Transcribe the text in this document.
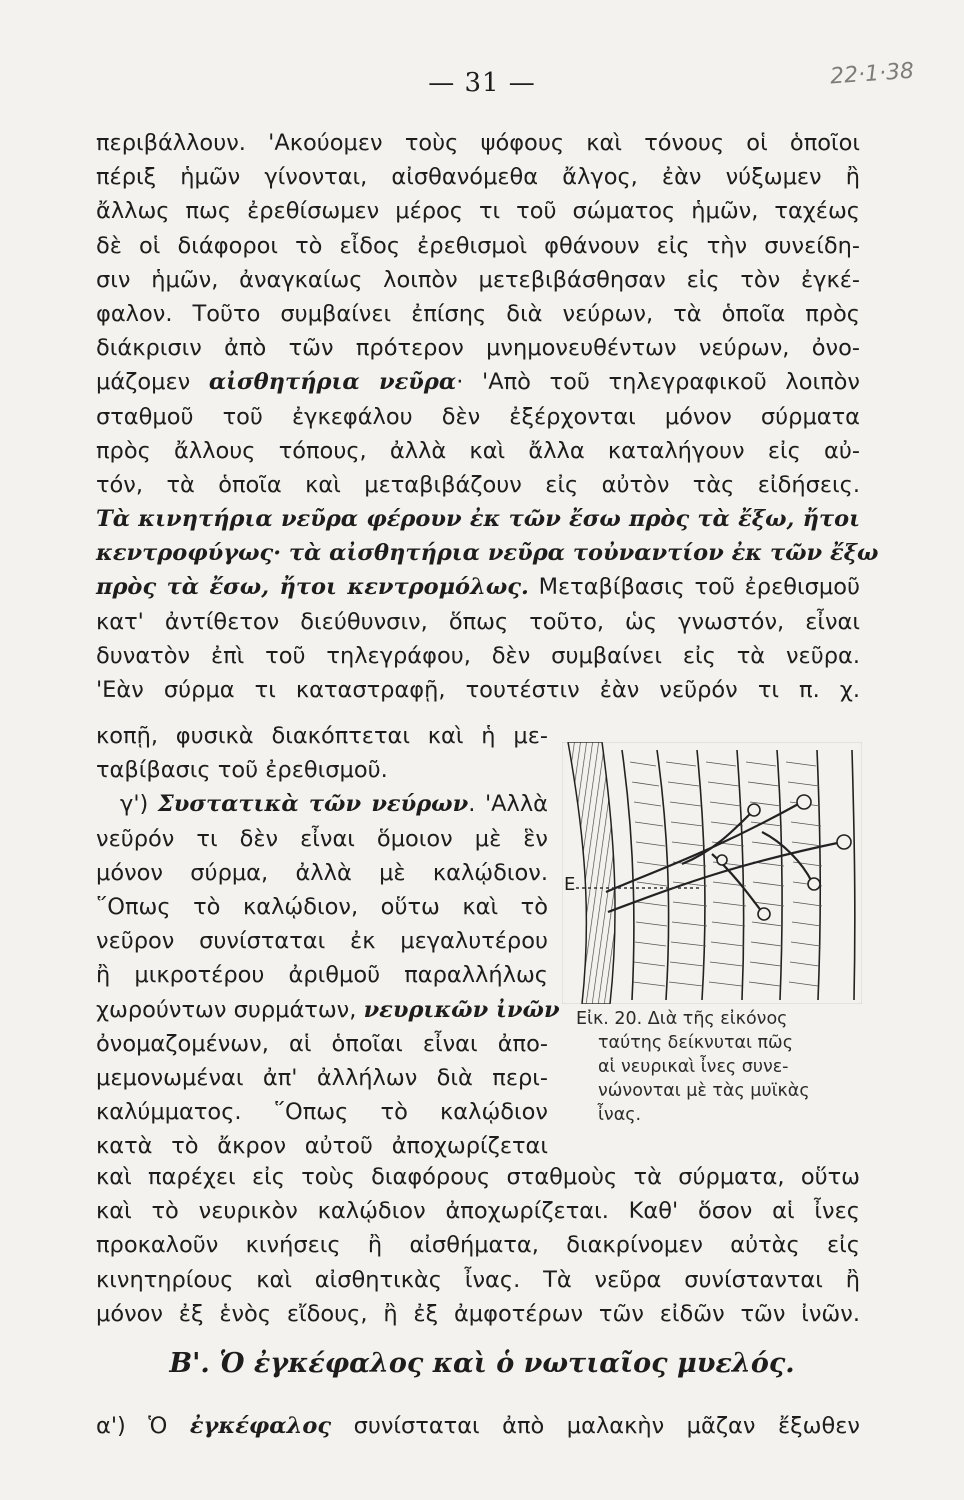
— 31 —	22·1·38
περιβάλλουν. 'Ακούομεν τοὺς ψόφους καὶ τόνους οἱ ὁποῖοι
πέριξ ἡμῶν γίνονται, αἰσθανόμεθα ἄλγος, ἐὰν νύξωμεν ἢ
ἄλλως πως ἐρεθίσωμεν μέρος τι τοῦ σώματος ἡμῶν, ταχέως
δὲ οἱ διάφοροι τὸ εἶδος ἐρεθισμοὶ φθάνουν εἰς τὴν συνείδη-
σιν ἡμῶν, ἀναγκαίως λοιπὸν μετεβιβάσθησαν εἰς τὸν ἐγκέ-
φαλον. Τοῦτο συμβαίνει ἐπίσης διὰ νεύρων, τὰ ὁποῖα πρὸς
διάκρισιν ἀπὸ τῶν πρότερον μνημονευθέντων νεύρων, ὀνο-
μάζομεν αἰσθητήρια νεῦρα· 'Απὸ τοῦ τηλεγραφικοῦ λοιπὸν
σταθμοῦ τοῦ ἐγκεφάλου δὲν ἐξέρχονται μόνον σύρματα
πρὸς ἄλλους τόπους, ἀλλὰ καὶ ἄλλα καταλήγουν εἰς αὐ-
τόν, τὰ ὁποῖα καὶ μεταβιβάζουν εἰς αὐτὸν τὰς εἰδήσεις.
Τὰ κινητήρια νεῦρα φέρουν ἐκ τῶν ἔσω πρὸς τὰ ἔξω, ἤτοι
κεντροφύγως· τὰ αἰσθητήρια νεῦρα τοὐναντίον ἐκ τῶν ἔξω
πρὸς τὰ ἔσω, ἤτοι κεντρομόλως. Μεταβίβασις τοῦ ἐρεθισμοῦ
κατ' ἀντίθετον διεύθυνσιν, ὅπως τοῦτο, ὡς γνωστόν, εἶναι
δυνατὸν ἐπὶ τοῦ τηλεγράφου, δὲν συμβαίνει εἰς τὰ νεῦρα.
'Εὰν σύρμα τι καταστραφῇ, τουτέστιν ἐὰν νεῦρόν τι π. χ.
κοπῇ, φυσικὰ διακόπτεται καὶ ἡ με-
ταβίβασις τοῦ ἐρεθισμοῦ.
γ') Συστατικὰ τῶν νεύρων. 'Αλλὰ
νεῦρόν τι δὲν εἶναι ὅμοιον μὲ ἓν
μόνον σύρμα, ἀλλὰ μὲ καλῴδιον.
῞Οπως τὸ καλῴδιον, οὕτω καὶ τὸ
νεῦρον συνίσταται ἐκ μεγαλυτέρου
ἢ μικροτέρου ἀριθμοῦ παραλλήλως
χωρούντων συρμάτων, νευρικῶν ἰνῶν
ὀνομαζομένων, αἱ ὁποῖαι εἶναι ἀπο-
μεμονωμέναι ἀπ' ἀλλήλων διὰ περι-
καλύμματος. ῞Οπως τὸ καλῴδιον
κατὰ τὸ ἄκρον αὐτοῦ ἀποχωρίζεται
Ε
Εἰκ. 20. Διὰ τῆς εἰκόνος
ταύτης δείκνυται πῶς
αἱ νευρικαὶ ἶνες συνε-
νώνονται μὲ τὰς μυϊκὰς
ἶνας.
καὶ παρέχει εἰς τοὺς διαφόρους σταθμοὺς τὰ σύρματα, οὕτω
καὶ τὸ νευρικὸν καλῴδιον ἀποχωρίζεται. Καθ' ὅσον αἱ ἶνες
προκαλοῦν κινήσεις ἢ αἰσθήματα, διακρίνομεν αὐτὰς εἰς
κινητηρίους καὶ αἰσθητικὰς ἶνας. Τὰ νεῦρα συνίστανται ἢ
μόνον ἐξ ἑνὸς εἴδους, ἢ ἐξ ἀμφοτέρων τῶν εἰδῶν τῶν ἰνῶν.
Β'. Ὁ ἐγκέφαλος καὶ ὁ νωτιαῖος μυελός.
α') Ὁ ἐγκέφαλος συνίσταται ἀπὸ μαλακὴν μᾶζαν ἔξωθεν
